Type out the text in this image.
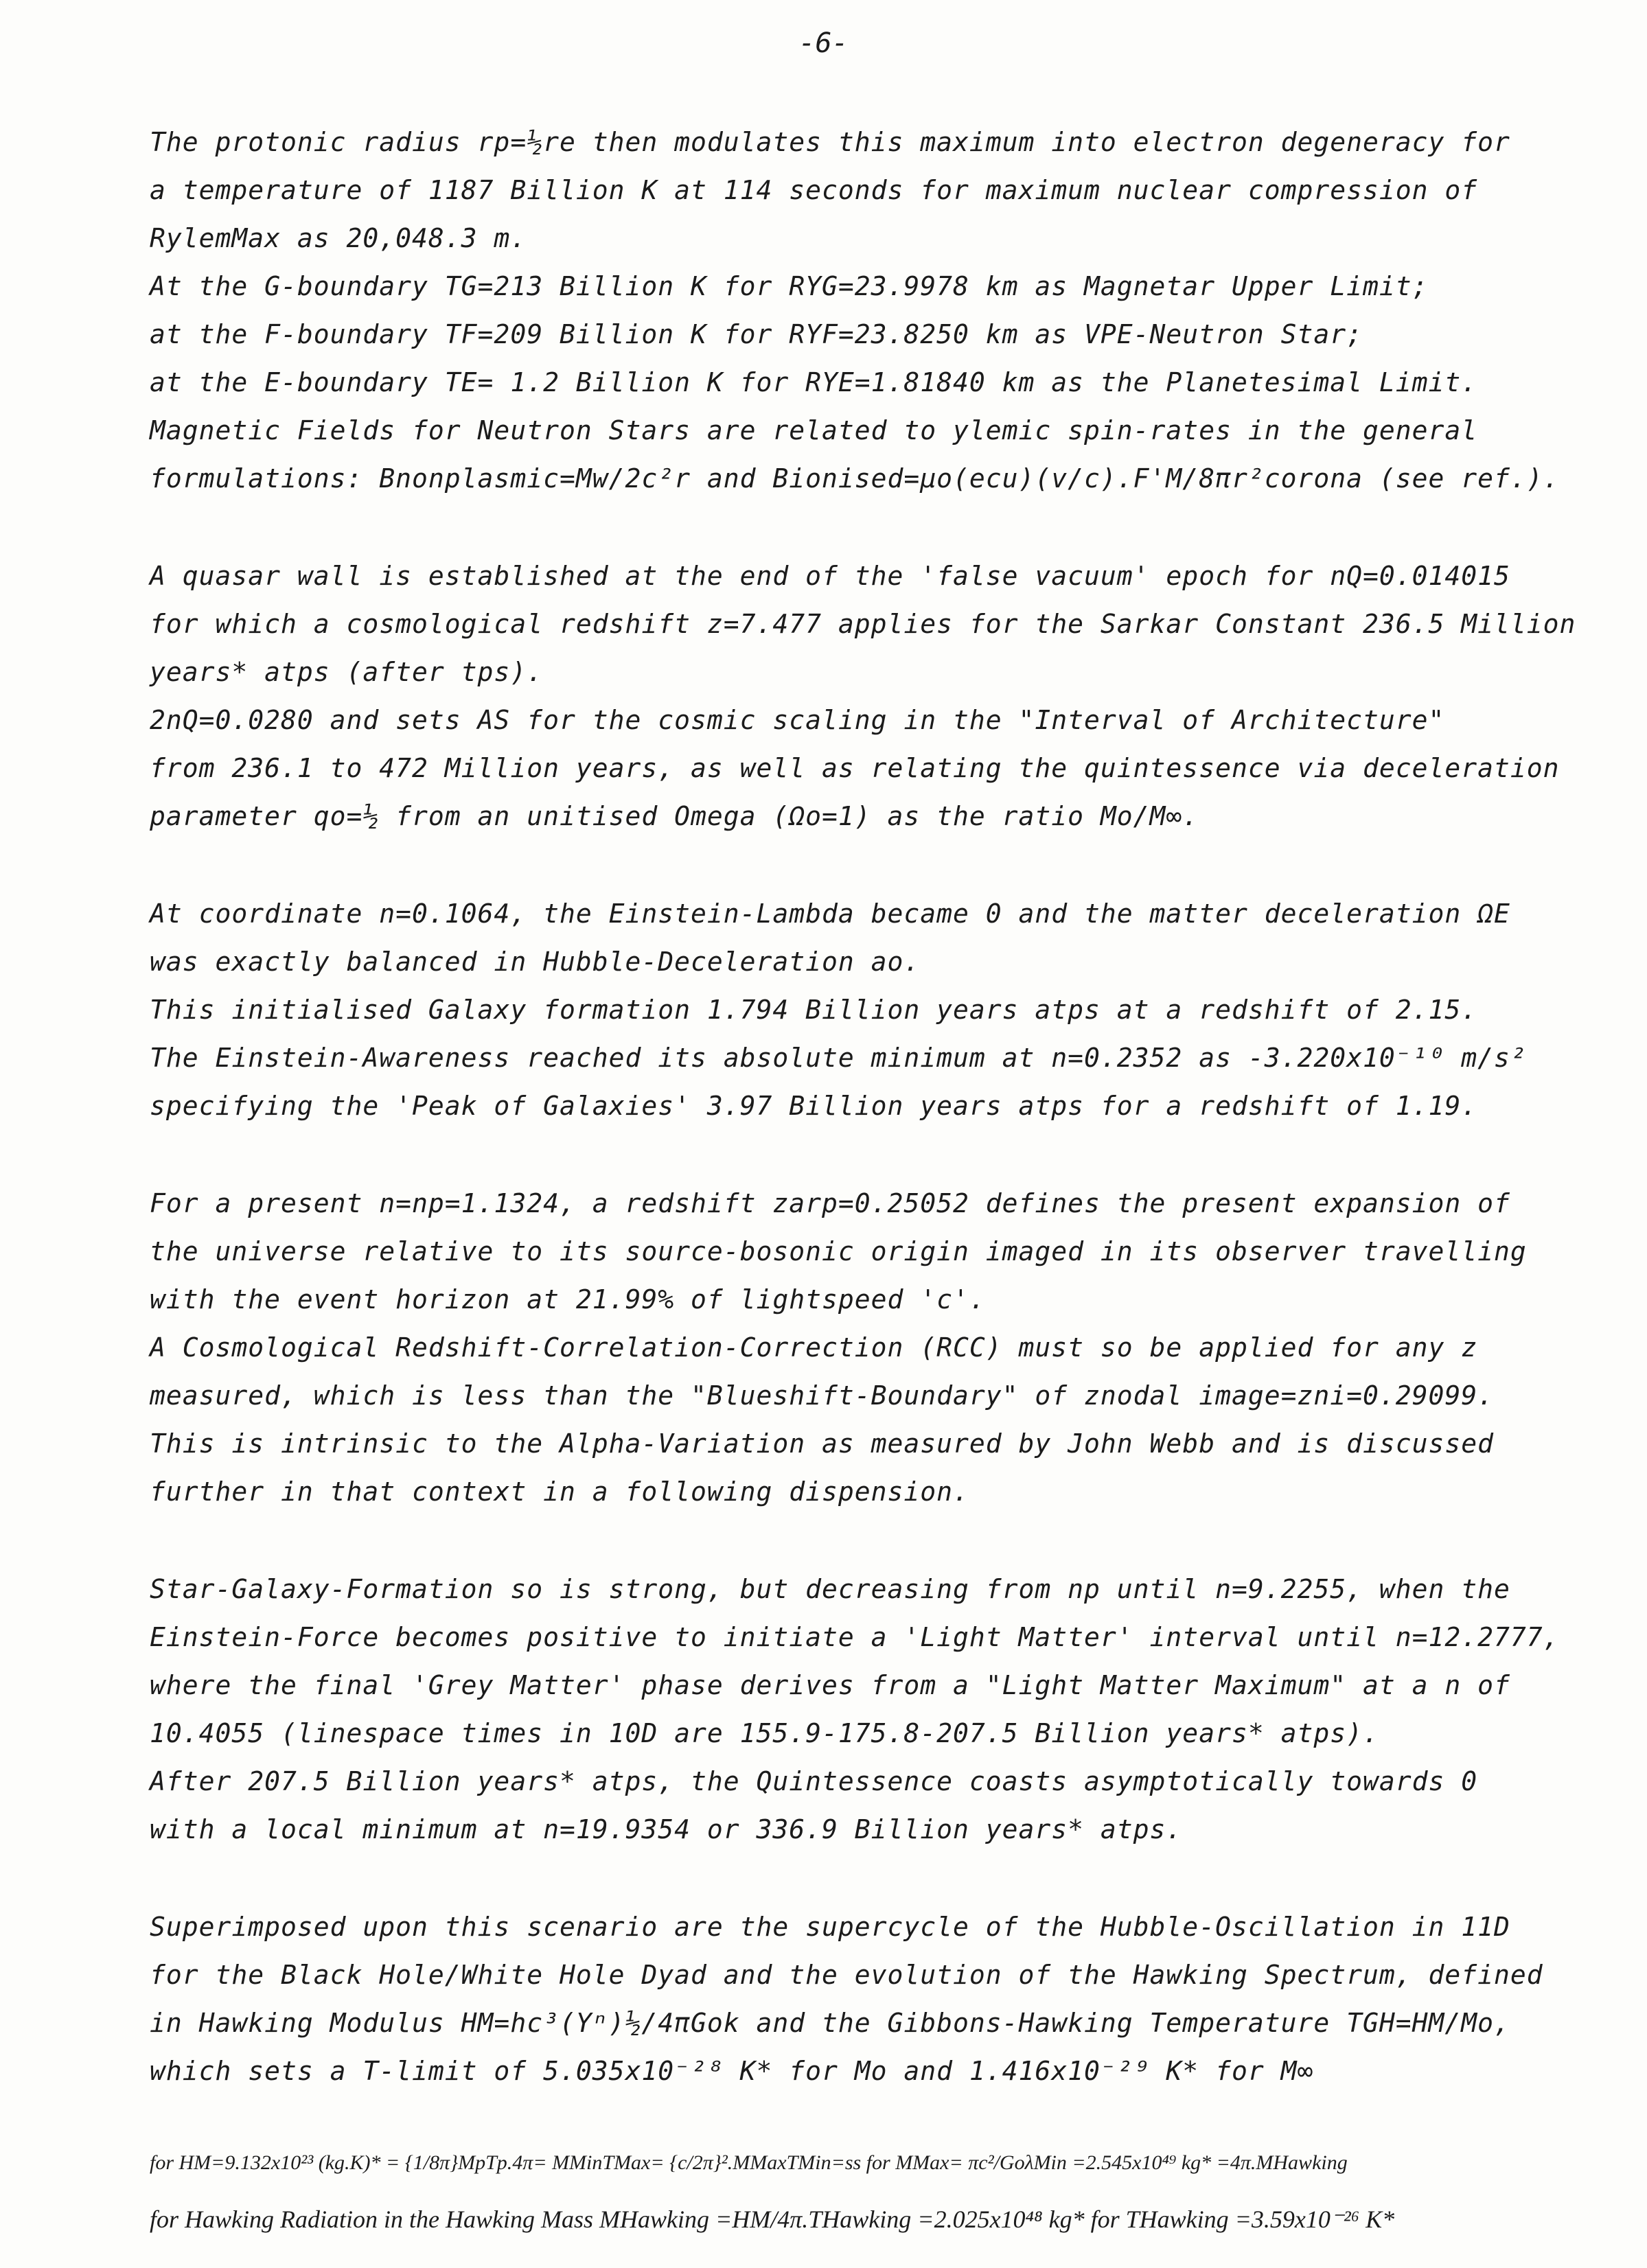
-6-
The protonic radius rp=½re then modulates this maximum into electron degeneracy for
a temperature of 1187 Billion K at 114 seconds for maximum nuclear compression of
RylemMax as 20,048.3 m.
At the G-boundary TG=213 Billion K for RYG=23.9978 km as Magnetar Upper Limit;
at the F-boundary TF=209 Billion K for RYF=23.8250 km as VPE-Neutron Star;
at the E-boundary TE= 1.2 Billion K for RYE=1.81840 km as the Planetesimal Limit.
Magnetic Fields for Neutron Stars are related to ylemic spin-rates in the general
formulations: Bnonplasmic=Mw/2c²r and Bionised=μo(ecu)(v/c).F'M/8πr²corona (see ref.).
A quasar wall is established at the end of the 'false vacuum' epoch for nQ=0.014015
for which a cosmological redshift z=7.477 applies for the Sarkar Constant 236.5 Million
years* atps (after tps).
2nQ=0.0280 and sets AS for the cosmic scaling in the "Interval of Architecture"
from 236.1 to 472 Million years, as well as relating the quintessence via deceleration
parameter qo=½ from an unitised Omega (Ωo=1) as the ratio Mo/M∞.
At coordinate n=0.1064, the Einstein-Lambda became 0 and the matter deceleration ΩE
was exactly balanced in Hubble-Deceleration ao.
This initialised Galaxy formation 1.794 Billion years atps at a redshift of 2.15.
The Einstein-Awareness reached its absolute minimum at n=0.2352 as -3.220x10⁻¹⁰ m/s²
specifying the 'Peak of Galaxies' 3.97 Billion years atps for a redshift of 1.19.
For a present n=np=1.1324, a redshift zarp=0.25052 defines the present expansion of
the universe relative to its source-bosonic origin imaged in its observer travelling
with the event horizon at 21.99% of lightspeed 'c'.
A Cosmological Redshift-Correlation-Correction (RCC) must so be applied for any z
measured, which is less than the "Blueshift-Boundary" of znodal image=zni=0.29099.
This is intrinsic to the Alpha-Variation as measured by John Webb and is discussed
further in that context in a following dispension.
Star-Galaxy-Formation so is strong, but decreasing from np until n=9.2255, when the
Einstein-Force becomes positive to initiate a 'Light Matter' interval until n=12.2777,
where the final 'Grey Matter' phase derives from a "Light Matter Maximum" at a n of
10.4055 (linespace times in 10D are 155.9-175.8-207.5 Billion years* atps).
After 207.5 Billion years* atps, the Quintessence coasts asymptotically towards 0
with a local minimum at n=19.9354 or 336.9 Billion years* atps.
Superimposed upon this scenario are the supercycle of the Hubble-Oscillation in 11D
for the Black Hole/White Hole Dyad and the evolution of the Hawking Spectrum, defined
in Hawking Modulus HM=hc³(Yⁿ)½/4πGok and the Gibbons-Hawking Temperature TGH=HM/Mo,
which sets a T-limit of 5.035x10⁻²⁸ K* for Mo and 1.416x10⁻²⁹ K* for M∞
for HM=9.132x10²³ (kg.K)* = {1/8π}MpTp.4π= MMinTMax= {c/2π}².MMaxTMin=ss for MMax= πc²/GoλMin =2.545x10⁴⁹ kg* =4π.MHawking
for Hawking Radiation in the Hawking Mass MHawking =HM/4π.THawking =2.025x10⁴⁸ kg* for THawking =3.59x10⁻²⁶ K*
